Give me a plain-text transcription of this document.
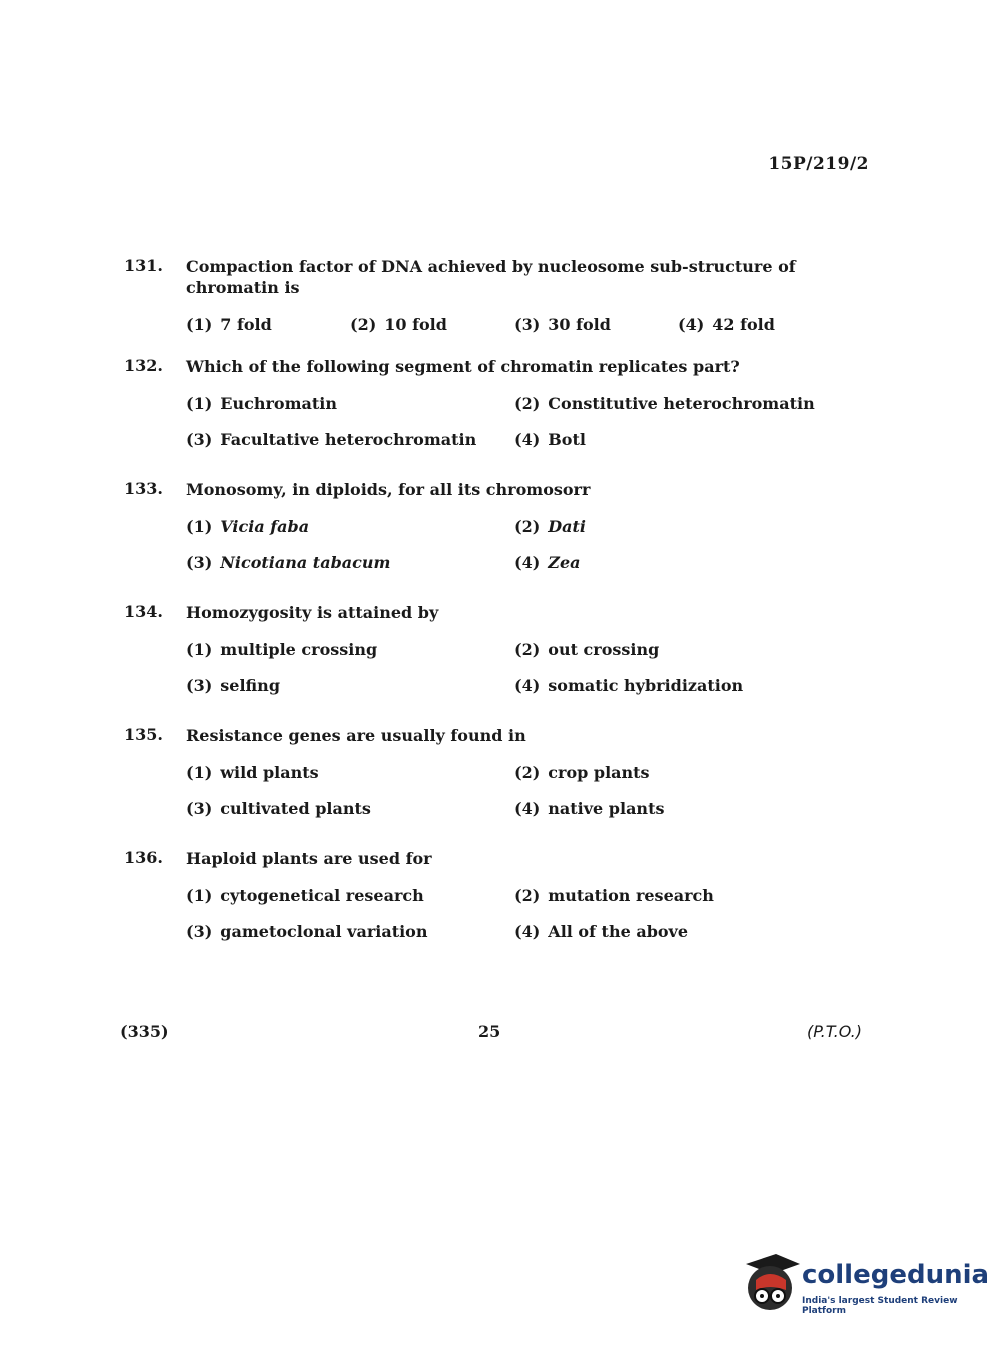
15P/219/2
131. Compaction factor of DNA achieved by nucleosome sub-structure of chromatin is
(1) 7 fold	(2) 10 fold	(3) 30 fold	(4) 42 fold
132. Which of the following segment of chromatin replicates part?
(1) Euchromatin	(2) Constitutive heterochromatin
(3) Facultative heterochromatin	(4) Botl
133. Monosomy, in diploids, for all its chromosorr
(1) Vicia faba	(2) Dati
(3) Nicotiana tabacum	(4) Zea
134. Homozygosity is attained by
(1) multiple crossing	(2) out crossing
(3) selfing	(4) somatic hybridization
135. Resistance genes are usually found in
(1) wild plants	(2) crop plants
(3) cultivated plants	(4) native plants
136. Haploid plants are used for
(1) cytogenetical research	(2) mutation research
(3) gametoclonal variation	(4) All of the above
(335)	25	(P.T.O.)
collegedunia
India's largest Student Review Platform
